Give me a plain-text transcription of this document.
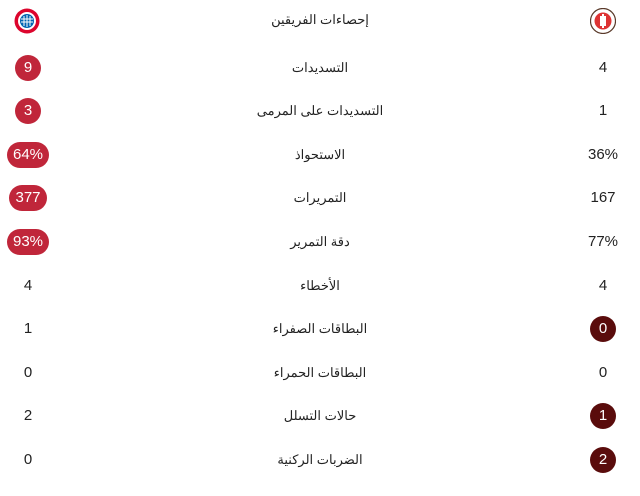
إحصاءات الفريقين
9	التسديدات	4
3	التسديدات على المرمى	1
64%	الاستحواذ	36%
377	التمريرات	167
93%	دقة التمرير	77%
4	الأخطاء	4
1	البطاقات الصفراء	0
0	البطاقات الحمراء	0
2	حالات التسلل	1
0	الضربات الركنية	2
